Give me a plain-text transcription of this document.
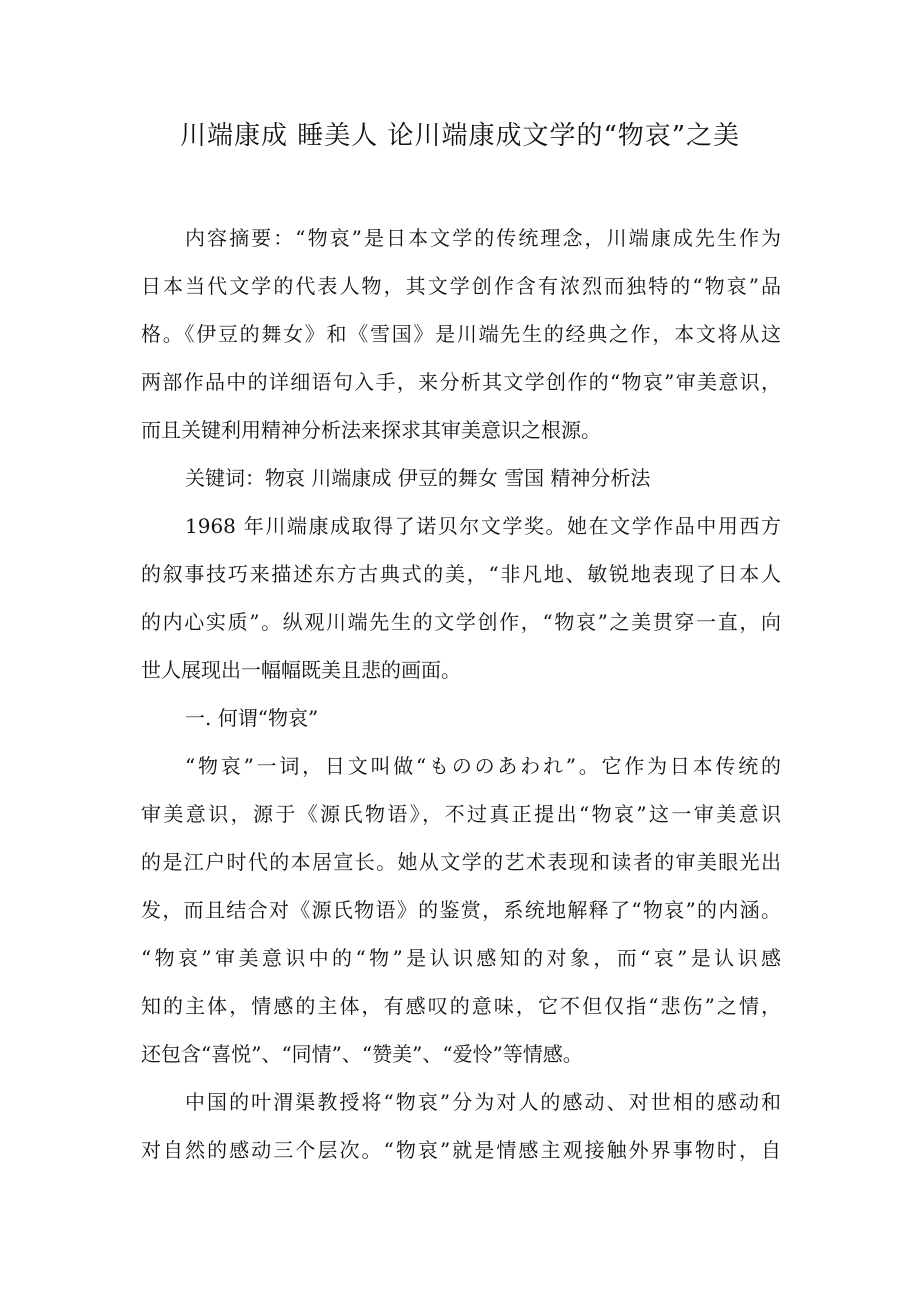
川端康成 睡美人 论川端康成文学的“物哀”之美
内容摘要：“物哀”是日本文学的传统理念，川端康成先生作为
日本当代文学的代表人物，其文学创作含有浓烈而独特的“物哀”品
格。《伊豆的舞女》和《雪国》是川端先生的经典之作，本文将从这
两部作品中的详细语句入手，来分析其文学创作的“物哀”审美意识，
而且关键利用精神分析法来探求其审美意识之根源。
关键词：物哀 川端康成 伊豆的舞女 雪国 精神分析法
1968 年川端康成取得了诺贝尔文学奖。她在文学作品中用西方
的叙事技巧来描述东方古典式的美，“非凡地、敏锐地表现了日本人
的内心实质”。纵观川端先生的文学创作，“物哀”之美贯穿一直，向
世人展现出一幅幅既美且悲的画面。
一. 何谓“物哀”
“物哀”一词，日文叫做“もののあわれ”。它作为日本传统的
审美意识，源于《源氏物语》，不过真正提出“物哀”这一审美意识
的是江户时代的本居宣长。她从文学的艺术表现和读者的审美眼光出
发，而且结合对《源氏物语》的鉴赏，系统地解释了“物哀”的内涵。
“物哀”审美意识中的“物”是认识感知的对象，而“哀”是认识感
知的主体，情感的主体，有感叹的意味，它不但仅指“悲伤”之情，
还包含“喜悦”、“同情”、“赞美”、“爱怜”等情感。
中国的叶渭渠教授将“物哀”分为对人的感动、对世相的感动和
对自然的感动三个层次。“物哀”就是情感主观接触外界事物时，自
